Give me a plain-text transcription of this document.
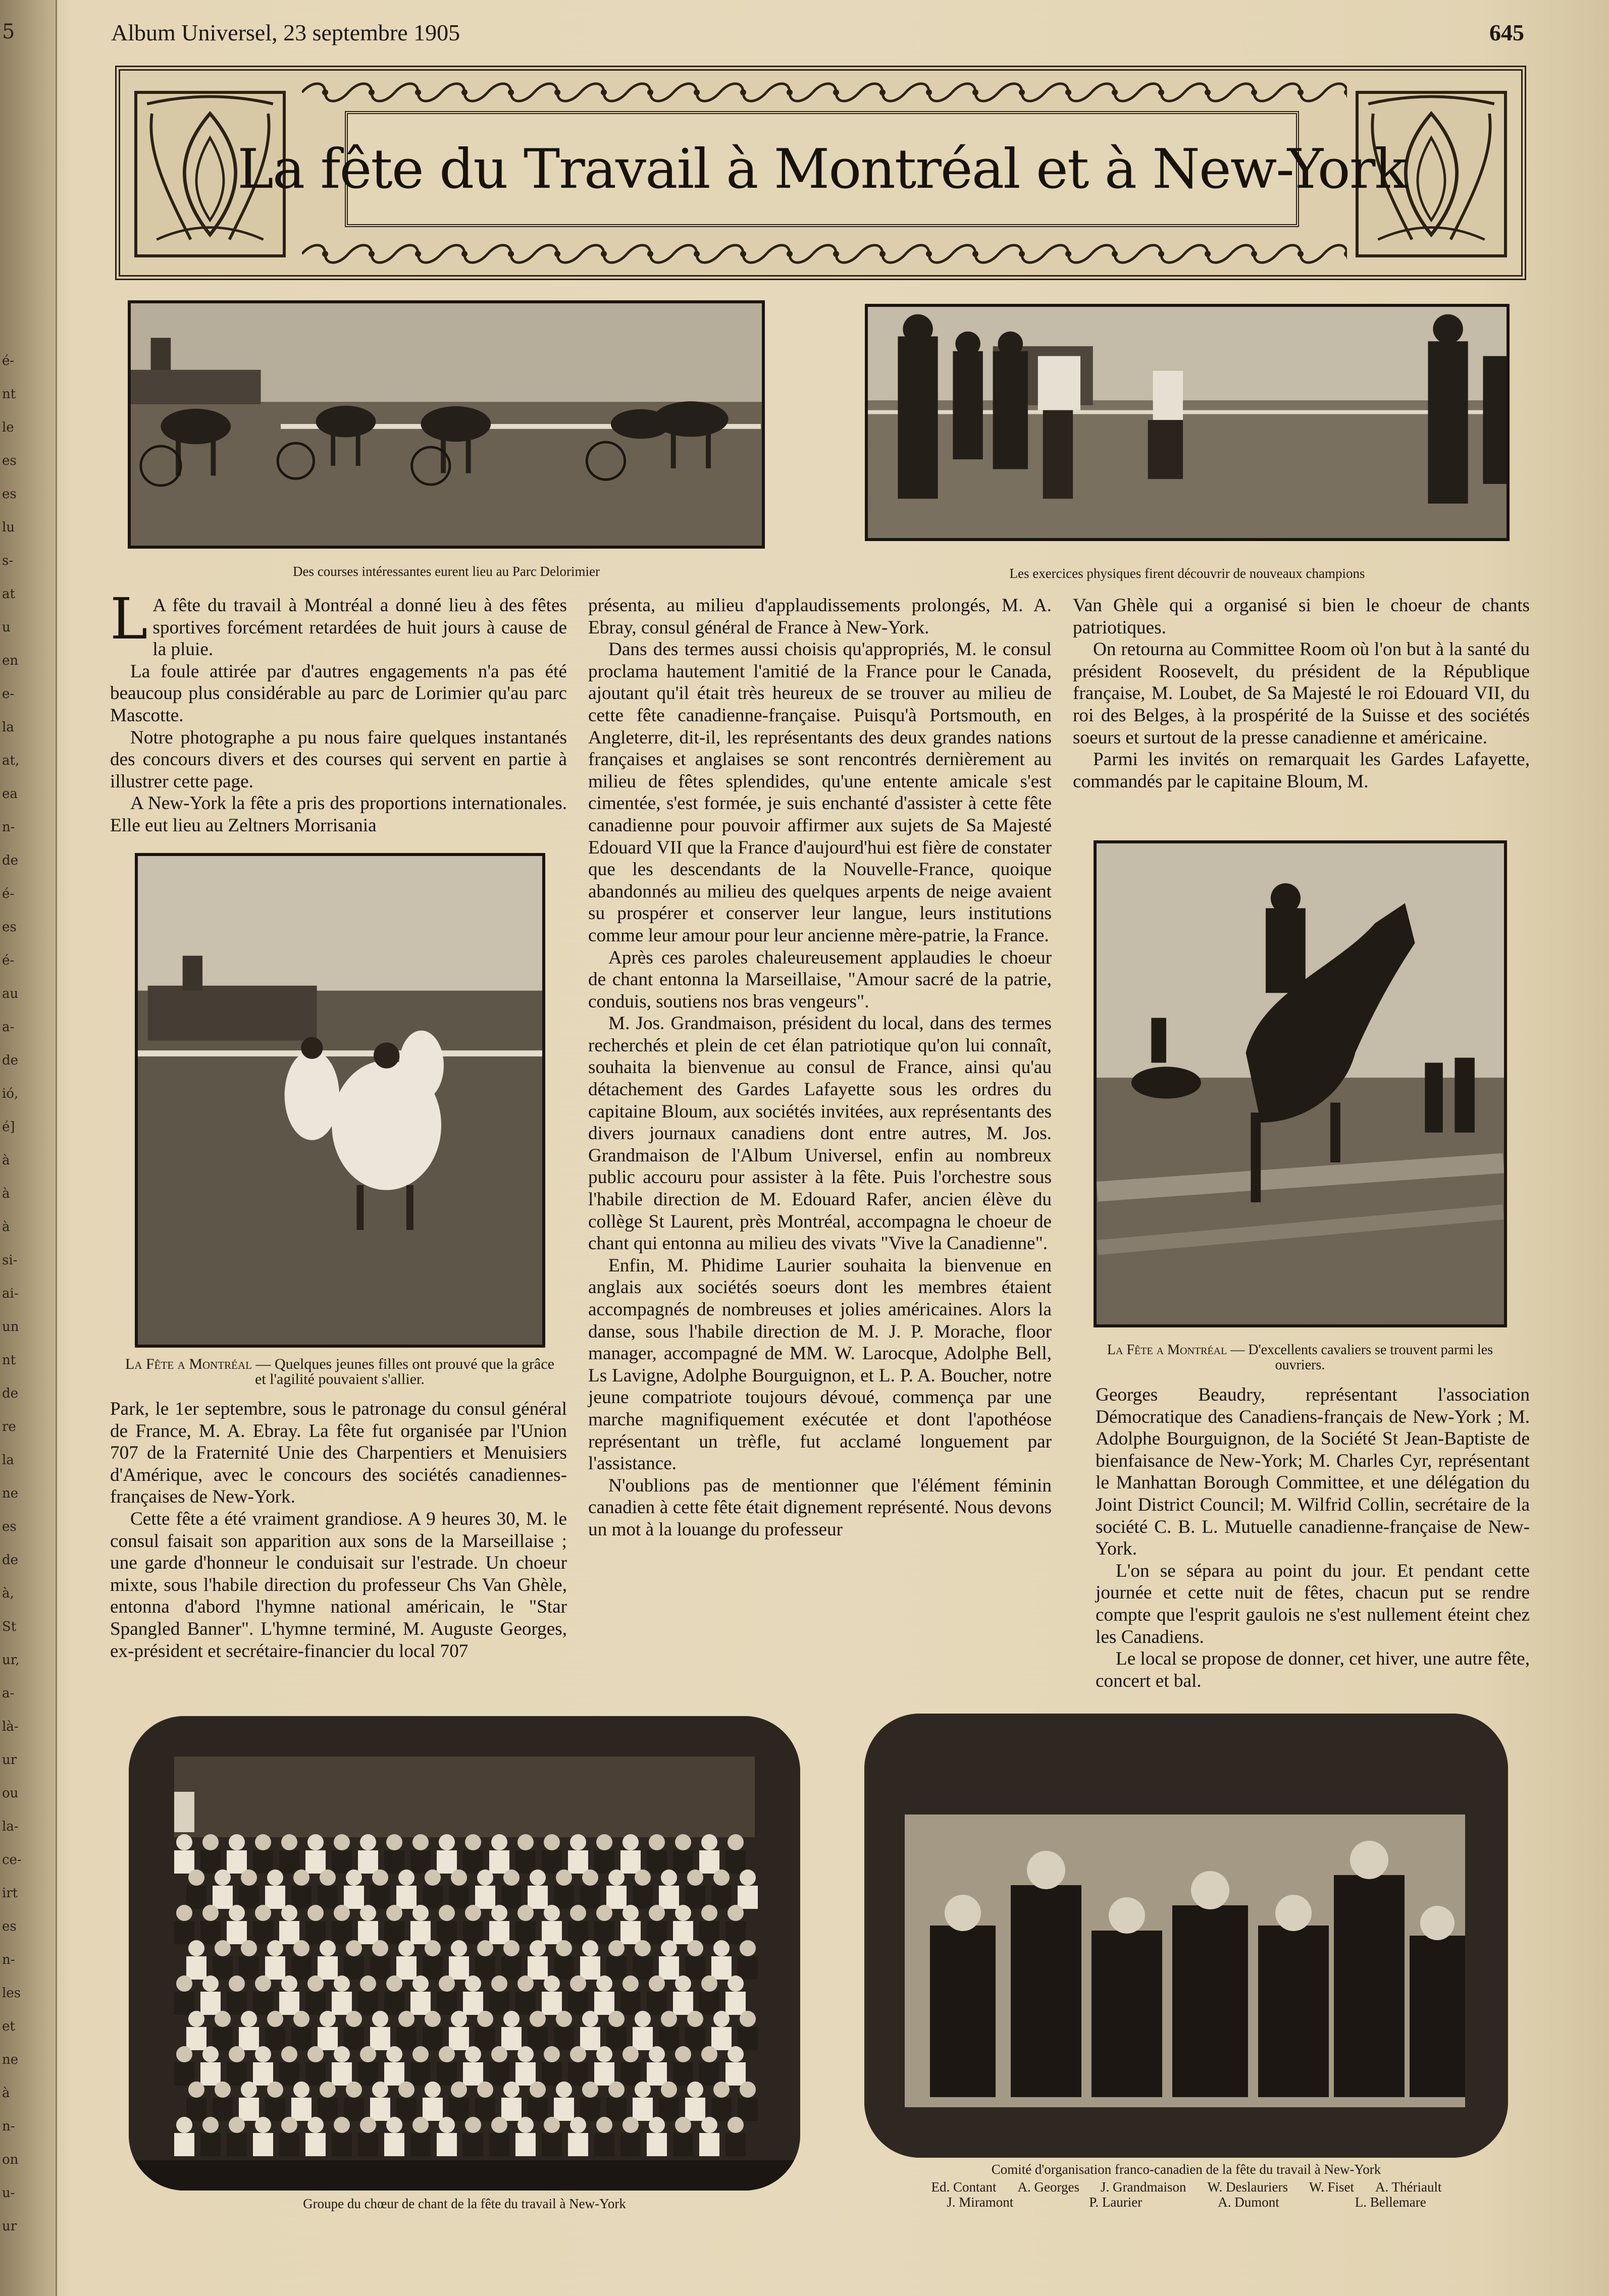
5
é-
nt
le
es
es
lu
s-
at
u
en
e-
la
at,
ea
n-
de
é-
es
é-
au
a-
de
ió,
é]
à
à
à
si-
ai-
un
nt
de
re
la
ne
es
de
à,
St
ur,
a-
là-
ur
ou
la-
ce-
irt
es
n-
les
et
ne
à
n-
on
u-
ur
Album Universel, 23 septembre 1905	645
La fête du Travail à Montréal et à New-York
Des courses intéressantes eurent lieu au Parc Delorimier	Les exercices physiques firent découvrir de nouveaux champions

L A fête du travail à Montréal a donné lieu à des fêtes sportives forcément retardées de huit jours à cause de la pluie.

La foule attirée par d'autres engagements n'a pas été beaucoup plus considérable au parc de Lorimier qu'au parc Mascotte.

Notre photographe a pu nous faire quelques instantanés des concours divers et des courses qui servent en partie à illustrer cette page.

A New-York la fête a pris des proportions internationales. Elle eut lieu au Zeltners Morrisania

La Fête a Montréal — Quelques jeunes filles ont prouvé que la grâce et l'agilité pouvaient s'allier.

Park, le 1er septembre, sous le patronage du consul général de France, M. A. Ebray. La fête fut organisée par l'Union 707 de la Fraternité Unie des Charpentiers et Menuisiers d'Amérique, avec le concours des sociétés canadiennes-françaises de New-York.

Cette fête a été vraiment grandiose. A 9 heures 30, M. le consul faisait son apparition aux sons de la Marseillaise ; une garde d'honneur le conduisait sur l'estrade. Un choeur mixte, sous l'habile direction du professeur Chs Van Ghèle, entonna d'abord l'hymne national américain, le "Star Spangled Banner". L'hymne terminé, M. Auguste Georges, ex-président et secrétaire-financier du local 707

présenta, au milieu d'applaudissements prolongés, M. A. Ebray, consul général de France à New-York.

Dans des termes aussi choisis qu'appropriés, M. le consul proclama hautement l'amitié de la France pour le Canada, ajoutant qu'il était très heureux de se trouver au milieu de cette fête canadienne-française. Puisqu'à Portsmouth, en Angleterre, dit-il, les représentants des deux grandes nations françaises et anglaises se sont rencontrés dernièrement au milieu de fêtes splendides, qu'une entente amicale s'est cimentée, s'est formée, je suis enchanté d'assister à cette fête canadienne pour pouvoir affirmer aux sujets de Sa Majesté Edouard VII que la France d'aujourd'hui est fière de constater que les descendants de la Nouvelle-France, quoique abandonnés au milieu des quelques arpents de neige avaient su prospérer et conserver leur langue, leurs institutions comme leur amour pour leur ancienne mère-patrie, la France.

Après ces paroles chaleureusement applaudies le choeur de chant entonna la Marseillaise, "Amour sacré de la patrie, conduis, soutiens nos bras vengeurs".

M. Jos. Grandmaison, président du local, dans des termes recherchés et plein de cet élan patriotique qu'on lui connaît, souhaita la bienvenue au consul de France, ainsi qu'au détachement des Gardes Lafayette sous les ordres du capitaine Bloum, aux sociétés invitées, aux représentants des divers journaux canadiens dont entre autres, M. Jos. Grandmaison de l'Album Universel, enfin au nombreux public accouru pour assister à la fête. Puis l'orchestre sous l'habile direction de M. Edouard Rafer, ancien élève du collège St Laurent, près Montréal, accompagna le choeur de chant qui entonna au milieu des vivats "Vive la Canadienne".

Enfin, M. Phidime Laurier souhaita la bienvenue en anglais aux sociétés soeurs dont les membres étaient accompagnés de nombreuses et jolies américaines. Alors la danse, sous l'habile direction de M. J. P. Morache, floor manager, accompagné de MM. W. Larocque, Adolphe Bell, Ls Lavigne, Adolphe Bourguignon, et L. P. A. Boucher, notre jeune compatriote toujours dévoué, commença par une marche magnifiquement exécutée et dont l'apothéose représentant un trèfle, fut acclamé longuement par l'assistance.

N'oublions pas de mentionner que l'élément féminin canadien à cette fête était dignement représenté. Nous devons un mot à la louange du professeur

Van Ghèle qui a organisé si bien le choeur de chants patriotiques.

On retourna au Committee Room où l'on but à la santé du président Roosevelt, du président de la République française, M. Loubet, de Sa Majesté le roi Edouard VII, du roi des Belges, à la prospérité de la Suisse et des sociétés soeurs et surtout de la presse canadienne et américaine.

Parmi les invités on remarquait les Gardes Lafayette, commandés par le capitaine Bloum, M.

La Fête a Montréal — D'excellents cavaliers se trouvent parmi les ouvriers.

Georges Beaudry, représentant l'association Démocratique des Canadiens-français de New-York ; M. Adolphe Bourguignon, de la Société St Jean-Baptiste de bienfaisance de New-York; M. Charles Cyr, représentant le Manhattan Borough Committee, et une délégation du Joint District Council; M. Wilfrid Collin, secrétaire de la société C. B. L. Mutuelle canadienne-française de New-York.

L'on se sépara au point du jour. Et pendant cette journée et cette nuit de fêtes, chacun put se rendre compte que l'esprit gaulois ne s'est nullement éteint chez les Canadiens.

Le local se propose de donner, cet hiver, une autre fête, concert et bal.

Groupe du chœur de chant de la fête du travail à New-York
Comité d'organisation franco-canadien de la fête du travail à New-York
Ed. Contant A. Georges J. Grandmaison W. Deslauriers W. Fiset A. Thériault
J. Miramont	P. Laurier	A. Dumont	L. Bellemare
